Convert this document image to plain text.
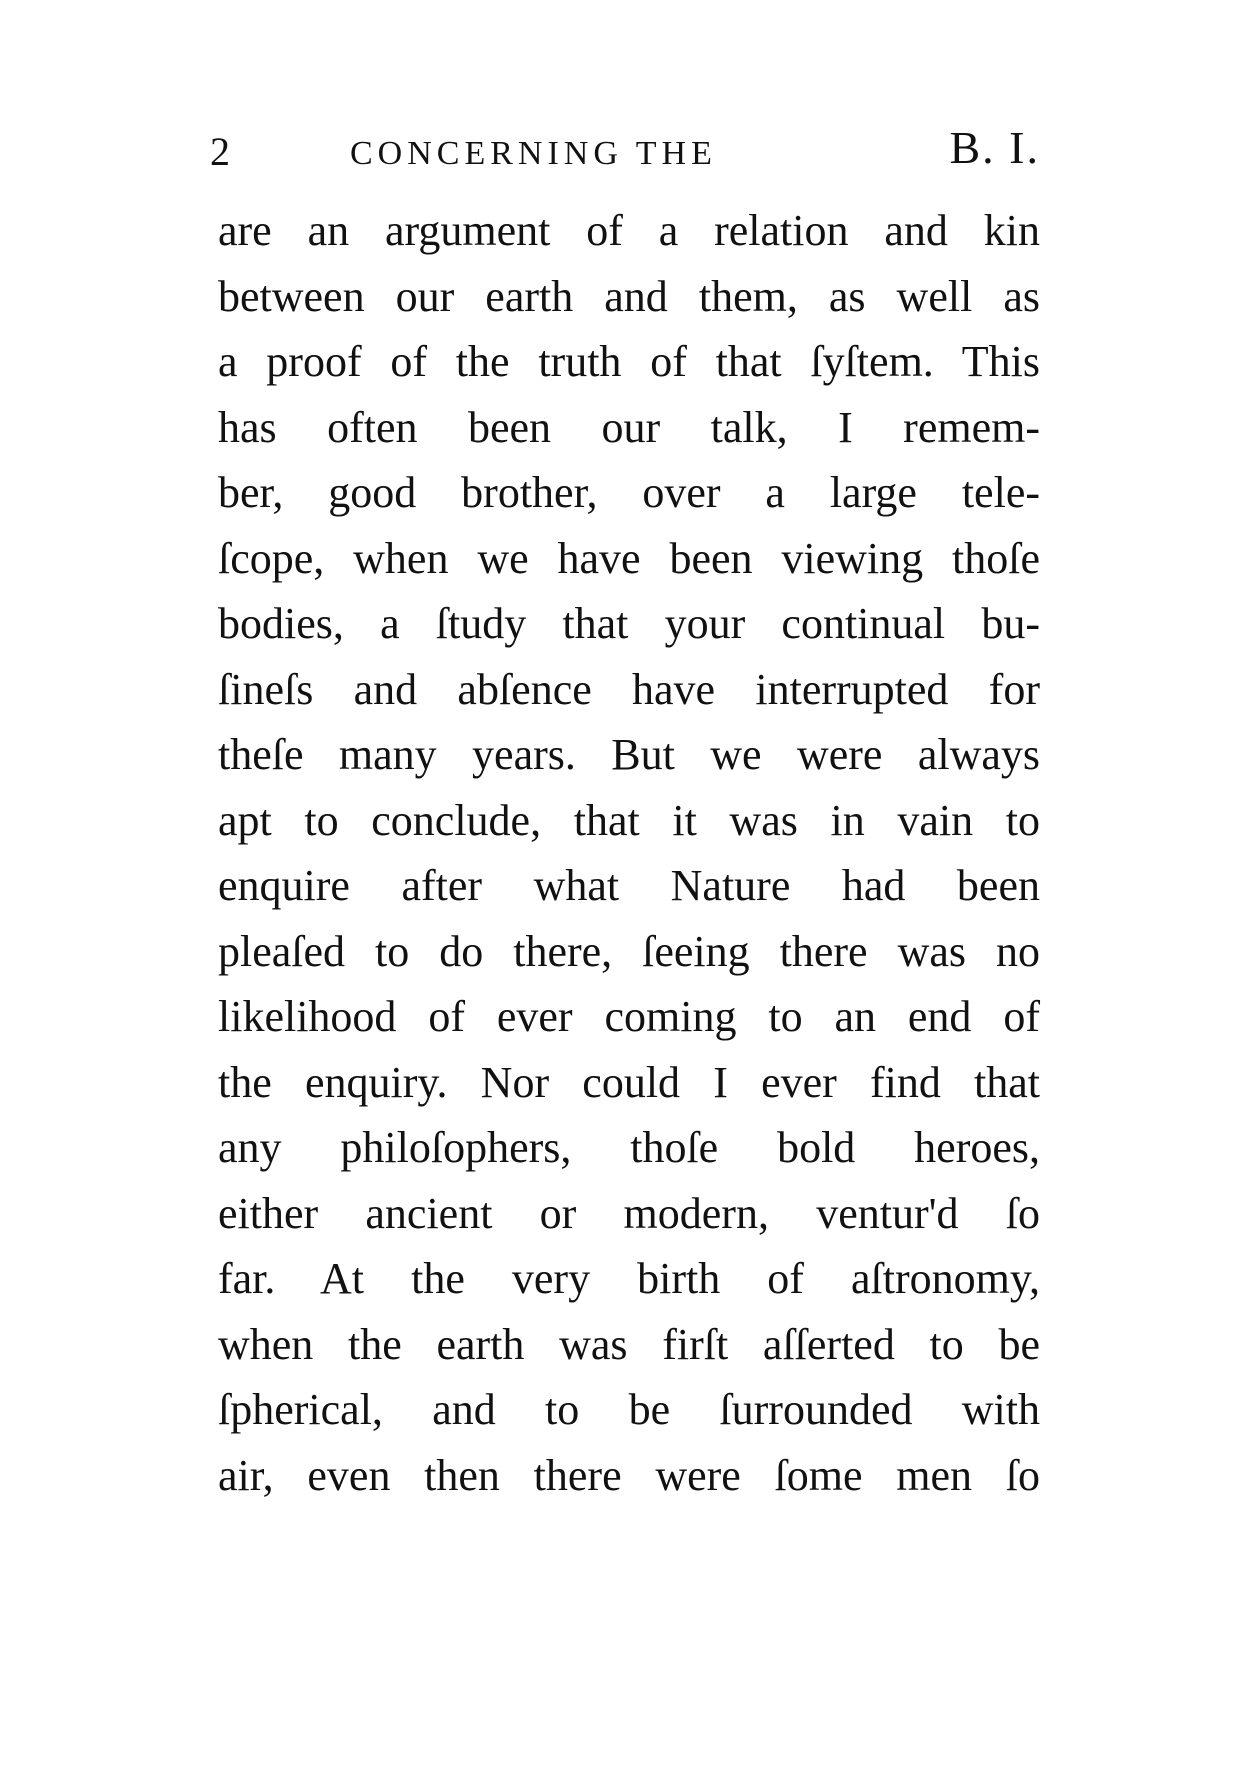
2	CONCERNING THE	B. I.
are an argument of a relation and kin
between our earth and them, as well as
a proof of the truth of that ſyſtem. This
has often been our talk, I remem-
ber, good brother, over a large tele-
ſcope, when we have been viewing thoſe
bodies, a ſtudy that your continual bu-
ſineſs and abſence have interrupted for
theſe many years. But we were always
apt to conclude, that it was in vain to
enquire after what Nature had been
pleaſed to do there, ſeeing there was no
likelihood of ever coming to an end of
the enquiry. Nor could I ever find that
any philoſophers, thoſe bold heroes,
either ancient or modern, ventur'd ſo
far. At the very birth of aſtronomy,
when the earth was firſt aſſerted to be
ſpherical, and to be ſurrounded with
air, even then there were ſome men ſo
